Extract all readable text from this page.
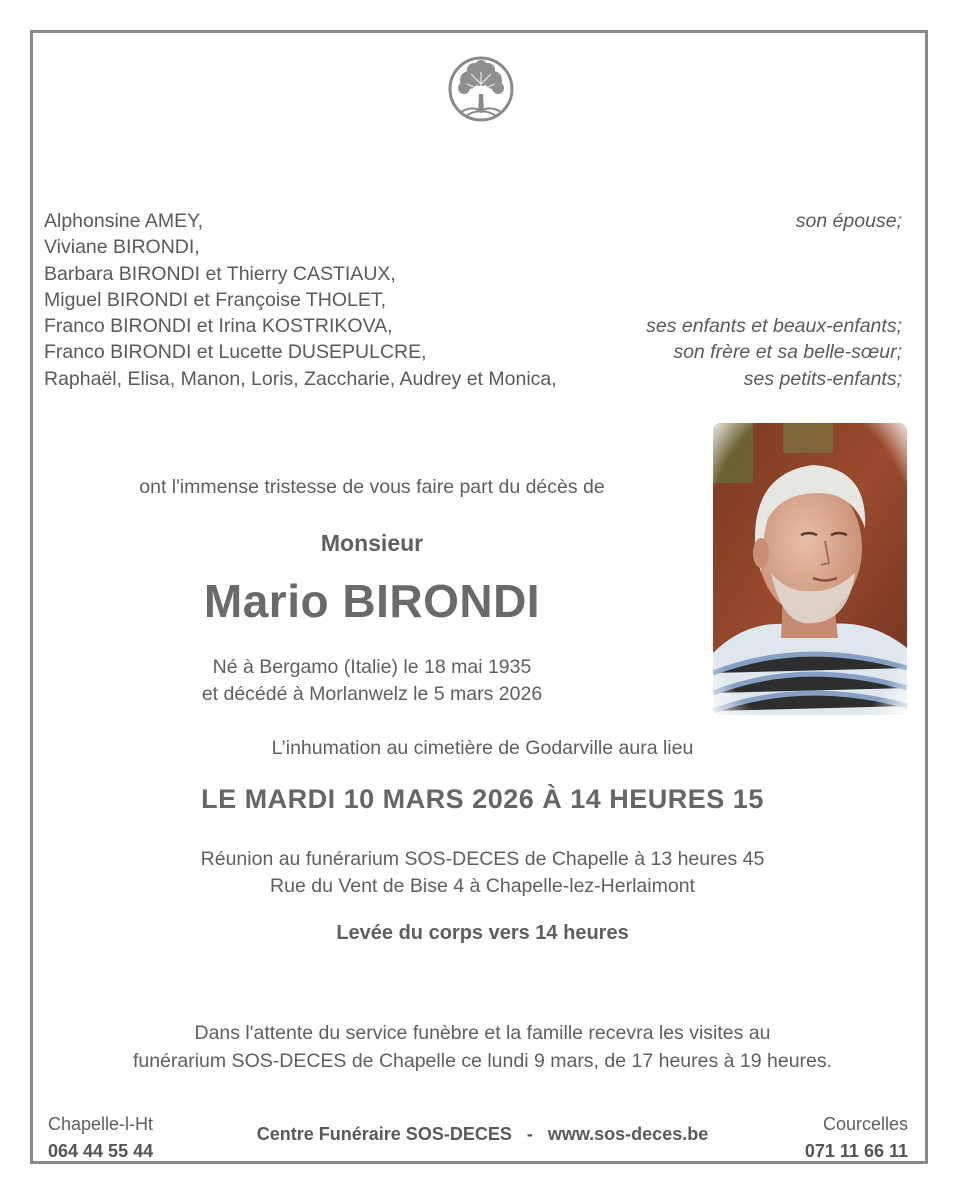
Alphonsine AMEY,	son épouse;
Viviane BIRONDI,
Barbara BIRONDI et Thierry CASTIAUX,
Miguel BIRONDI et Françoise THOLET,
Franco BIRONDI et Irina KOSTRIKOVA,	ses enfants et beaux-enfants;
Franco BIRONDI et Lucette DUSEPULCRE,	son frère et sa belle-sœur;
Raphaël, Elisa, Manon, Loris, Zaccharie, Audrey et Monica,	ses petits-enfants;
ont l'immense tristesse de vous faire part du décès de
Monsieur
Mario BIRONDI
Né à Bergamo (Italie) le 18 mai 1935
et décédé à Morlanwelz le 5 mars 2026
L’inhumation au cimetière de Godarville aura lieu
LE MARDI 10 MARS 2026 À 14 HEURES 15
Réunion au funérarium SOS-DECES de Chapelle à 13 heures 45
Rue du Vent de Bise 4 à Chapelle-lez-Herlaimont
Levée du corps vers 14 heures
Dans l'attente du service funèbre et la famille recevra les visites au
funérarium SOS-DECES de Chapelle ce lundi 9 mars, de 17 heures à 19 heures.
Chapelle-l-Ht
064 44 55 44
Centre Funéraire SOS-DECES   -   www.sos-deces.be	Courcelles
071 11 66 11
